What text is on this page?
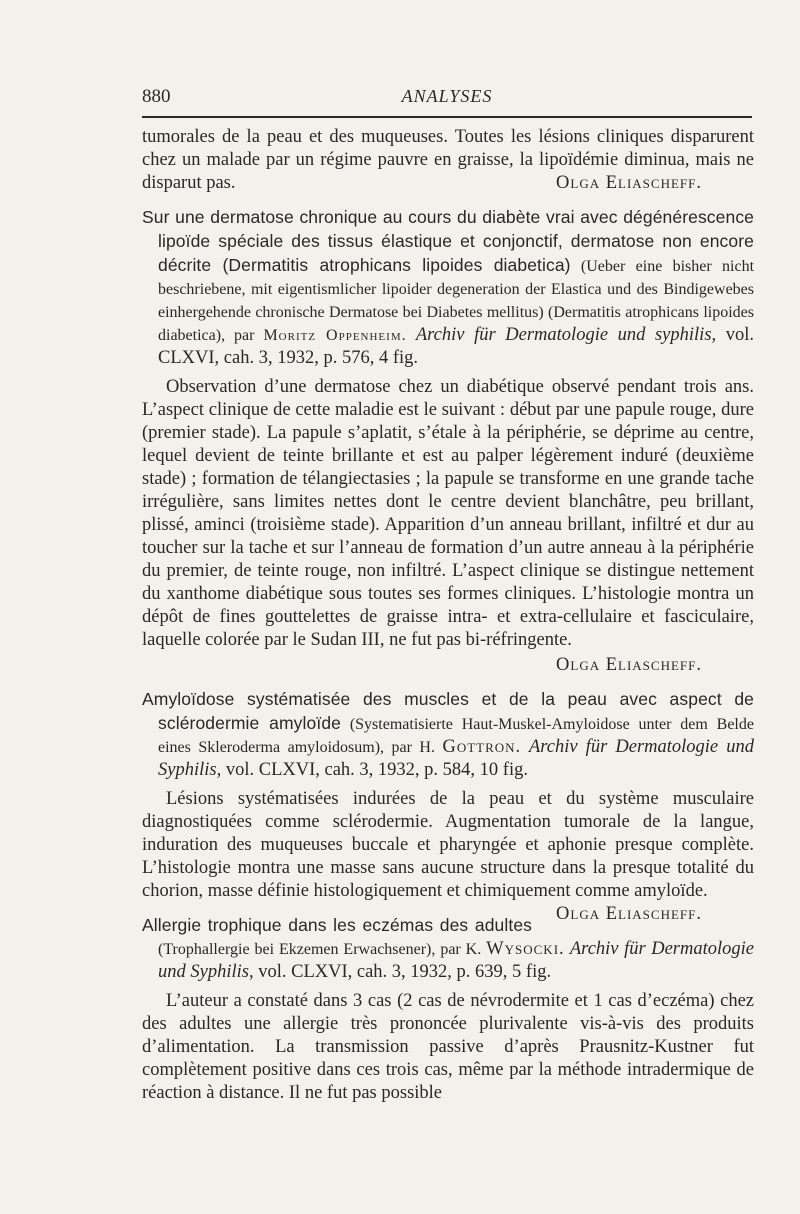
880	ANALYSES

tumorales de la peau et des muqueuses. Toutes les lésions cliniques disparurent chez un malade par un régime pauvre en graisse, la lipoïdémie diminua, mais ne disparut pas.	Olga Eliascheff.

Sur une dermatose chronique au cours du diabète vrai avec dégénérescence lipoïde spéciale des tissus élastique et conjonctif, dermatose non encore décrite (Dermatitis atrophicans lipoides diabetica) (Ueber eine bisher nicht beschriebene, mit eigentismlicher lipoider degeneration der Elastica und des Bindigewebes einhergehende chronische Dermatose bei Diabetes mellitus) (Dermatitis atrophicans lipoides diabetica), par Moritz Oppenheim. Archiv für Dermatologie und syphilis, vol. CLXVI, cah. 3, 1932, p. 576, 4 fig.

Observation d’une dermatose chez un diabétique observé pendant trois ans. L’aspect clinique de cette maladie est le suivant : début par une papule rouge, dure (premier stade). La papule s’aplatit, s’étale à la périphérie, se déprime au centre, lequel devient de teinte brillante et est au palper légèrement induré (deuxième stade) ; formation de télangiectasies ; la papule se transforme en une grande tache irrégulière, sans limites nettes dont le centre devient blanchâtre, peu brillant, plissé, aminci (troisième stade). Apparition d’un anneau brillant, infiltré et dur au toucher sur la tache et sur l’anneau de formation d’un autre anneau à la périphérie du premier, de teinte rouge, non infiltré. L’aspect clinique se distingue nettement du xanthome diabétique sous toutes ses formes cliniques. L’histologie montra un dépôt de fines gouttelettes de graisse intra- et extra-cellulaire et fasciculaire, laquelle colorée par le Sudan III, ne fut pas bi-réfringente.

Olga Eliascheff.

Amyloïdose systématisée des muscles et de la peau avec aspect de sclérodermie amyloïde (Systematisierte Haut-Muskel-Amyloidose unter dem Belde eines Skleroderma amyloidosum), par H. Gottron. Archiv für Dermatologie und Syphilis, vol. CLXVI, cah. 3, 1932, p. 584, 10 fig.

Lésions systématisées indurées de la peau et du système musculaire diagnostiquées comme sclérodermie. Augmentation tumorale de la langue, induration des muqueuses buccale et pharyngée et aphonie presque complète. L’histologie montra une masse sans aucune structure dans la presque totalité du chorion, masse définie histologiquement et chimiquement comme amyloïde.
Olga Eliascheff.

Allergie trophique dans les eczémas des adultes (Trophallergie bei Ekzemen Erwachsener), par K. Wysocki. Archiv für Dermatologie und Syphilis, vol. CLXVI, cah. 3, 1932, p. 639, 5 fig.

L’auteur a constaté dans 3 cas (2 cas de névrodermite et 1 cas d’eczéma) chez des adultes une allergie très prononcée plurivalente vis-à-vis des produits d’alimentation. La transmission passive d’après Prausnitz-Kustner fut complètement positive dans ces trois cas, même par la méthode intradermique de réaction à distance. Il ne fut pas possible
